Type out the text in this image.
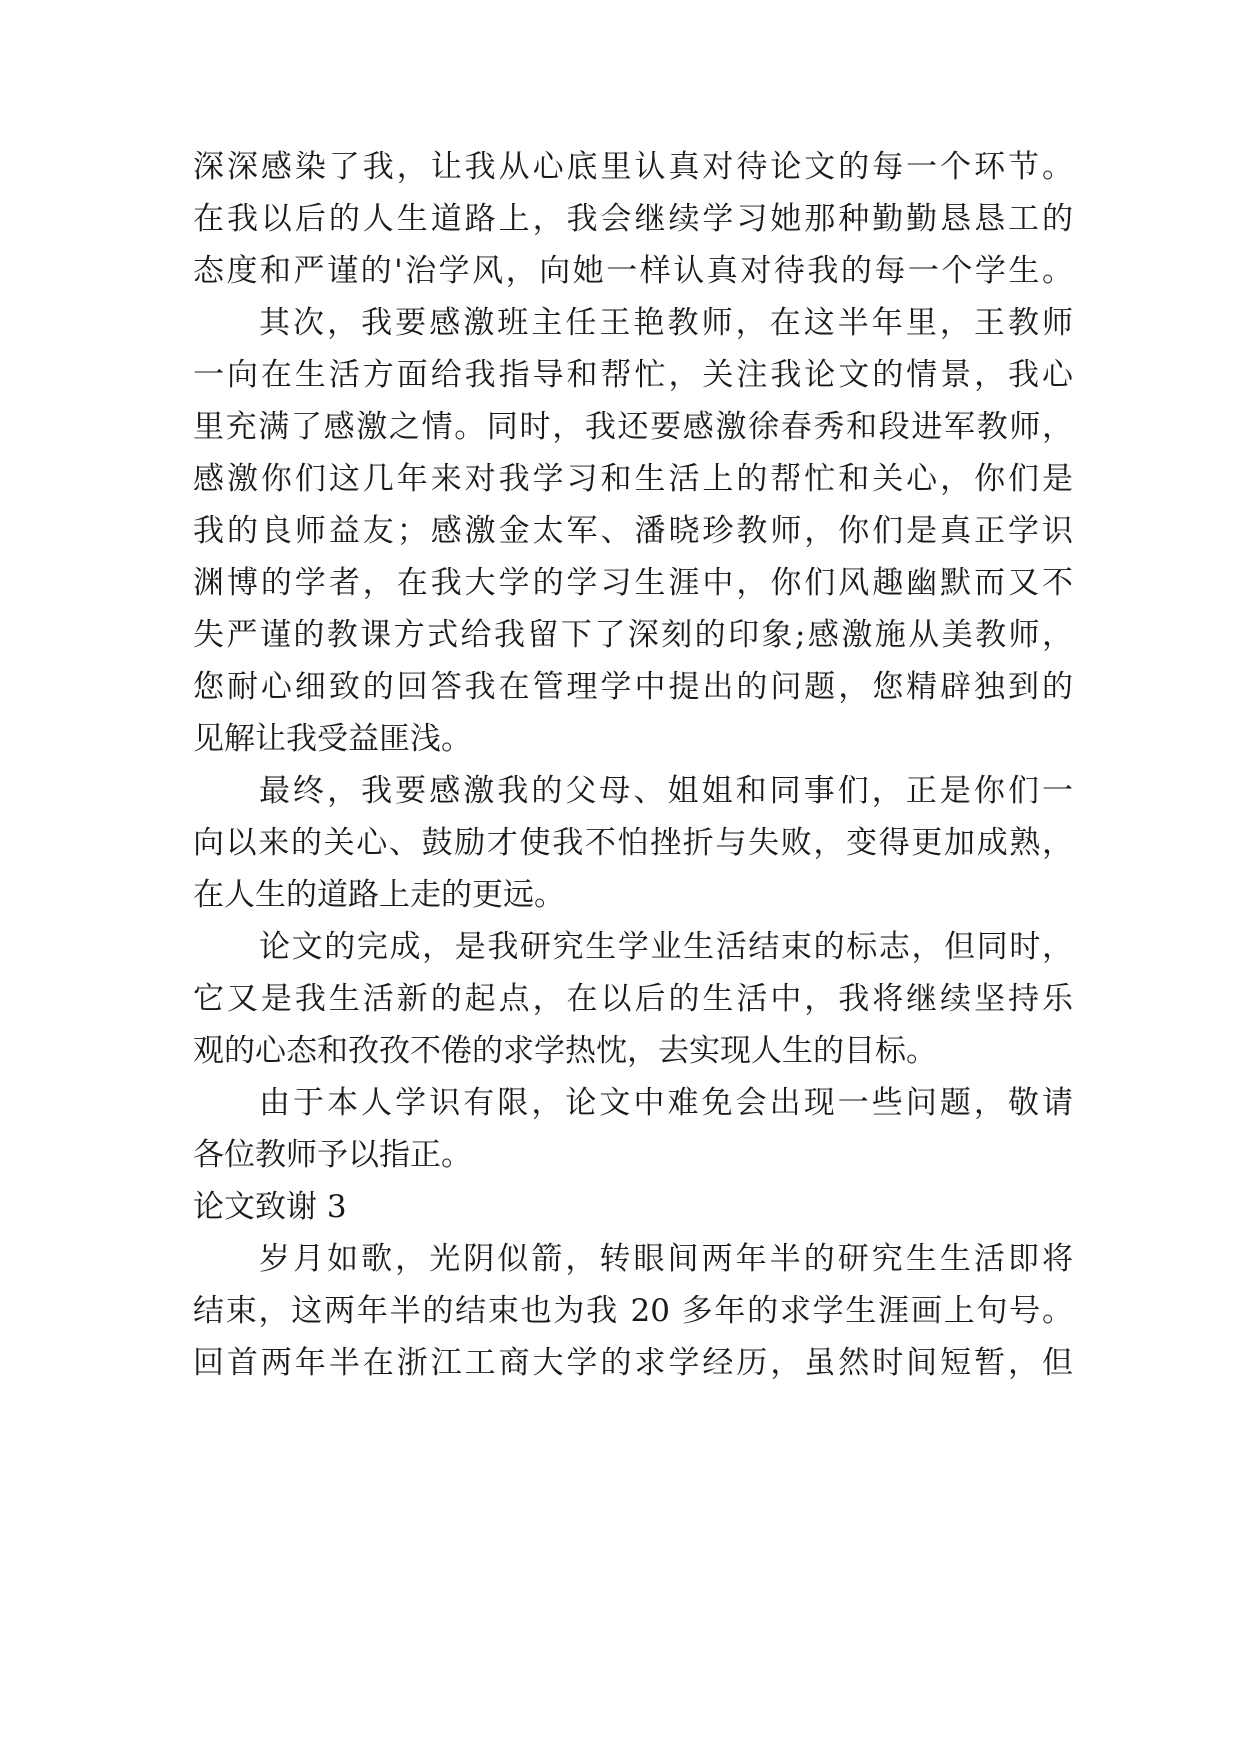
深深感染了我，让我从心底里认真对待论文的每一个环节。
在我以后的人生道路上，我会继续学习她那种勤勤恳恳工的
态度和严谨的'治学风，向她一样认真对待我的每一个学生。
其次，我要感激班主任王艳教师，在这半年里，王教师
一向在生活方面给我指导和帮忙，关注我论文的情景，我心
里充满了感激之情。同时，我还要感激徐春秀和段进军教师，
感激你们这几年来对我学习和生活上的帮忙和关心，你们是
我的良师益友；感激金太军、潘晓珍教师，你们是真正学识
渊博的学者，在我大学的学习生涯中，你们风趣幽默而又不
失严谨的教课方式给我留下了深刻的印象;感激施从美教师，
您耐心细致的回答我在管理学中提出的问题，您精辟独到的
见解让我受益匪浅。
最终，我要感激我的父母、姐姐和同事们，正是你们一
向以来的关心、鼓励才使我不怕挫折与失败，变得更加成熟，
在人生的道路上走的更远。
论文的完成，是我研究生学业生活结束的标志，但同时，
它又是我生活新的起点，在以后的生活中，我将继续坚持乐
观的心态和孜孜不倦的求学热忱，去实现人生的目标。
由于本人学识有限，论文中难免会出现一些问题，敬请
各位教师予以指正。
论文致谢 3
岁月如歌，光阴似箭，转眼间两年半的研究生生活即将
结束，这两年半的结束也为我 20 多年的求学生涯画上句号。
回首两年半在浙江工商大学的求学经历，虽然时间短暂，但
